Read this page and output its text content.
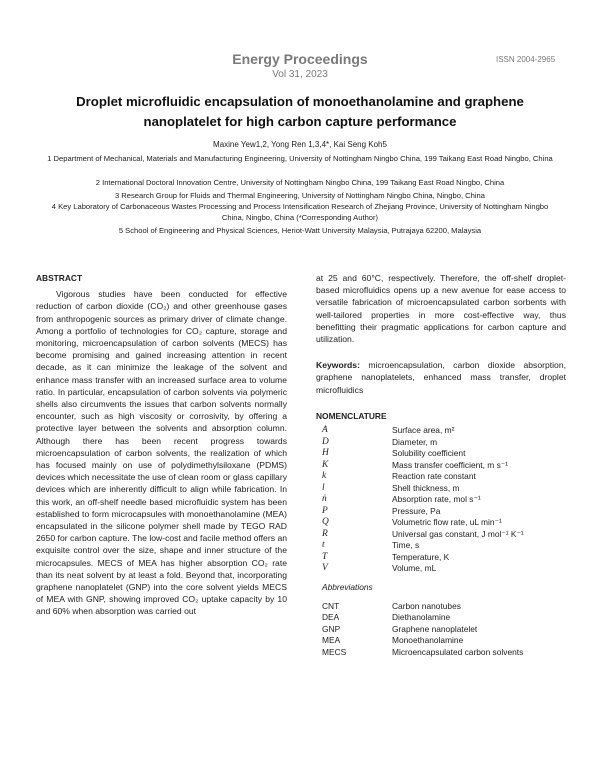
Energy Proceedings
Vol 31, 2023
ISSN 2004-2965
Droplet microfluidic encapsulation of monoethanolamine and graphene nanoplatelet for high carbon capture performance
Maxine Yew1,2, Yong Ren 1,3,4*, Kai Seng Koh5
1 Department of Mechanical, Materials and Manufacturing Engineering, University of Nottingham Ningbo China, 199 Taikang East Road Ningbo, China
2 International Doctoral Innovation Centre, University of Nottingham Ningbo China, 199 Taikang East Road Ningbo, China
3 Research Group for Fluids and Thermal Engineering, University of Nottingham Ningbo China, Ningbo, China
4 Key Laboratory of Carbonaceous Wastes Processing and Process Intensification Research of Zhejiang Province, University of Nottingham Ningbo China, Ningbo, China (*Corresponding Author)
5 School of Engineering and Physical Sciences, Heriot-Watt University Malaysia, Putrajaya 62200, Malaysia

ABSTRACT

Vigorous studies have been conducted for effective reduction of carbon dioxide (CO₂) and other greenhouse gases from anthropogenic sources as primary driver of climate change. Among a portfolio of technologies for CO₂ capture, storage and monitoring, microencapsulation of carbon solvents (MECS) has become promising and gained increasing attention in recent decade, as it can minimize the leakage of the solvent and enhance mass transfer with an increased surface area to volume ratio. In particular, encapsulation of carbon solvents via polymeric shells also circumvents the issues that carbon solvents normally encounter, such as high viscosity or corrosivity, by offering a protective layer between the solvents and absorption column. Although there has been recent progress towards microencapsulation of carbon solvents, the realization of which has focused mainly on use of polydimethylsiloxane (PDMS) devices which necessitate the use of clean room or glass capillary devices which are inherently difficult to align while fabrication. In this work, an off-shelf needle based microfluidic system has been established to form microcapsules with monoethanolamine (MEA) encapsulated in the silicone polymer shell made by TEGO RAD 2650 for carbon capture. The low-cost and facile method offers an exquisite control over the size, shape and inner structure of the microcapsules. MECS of MEA has higher absorption CO₂ rate than its neat solvent by at least a fold. Beyond that, incorporating graphene nanoplatelet (GNP) into the core solvent yields MECS of MEA with GNP, showing improved CO₂ uptake capacity by 10 and 60% when absorption was carried out

at 25 and 60°C, respectively. Therefore, the off-shelf droplet-based microfluidics opens up a new avenue for ease access to versatile fabrication of microencapsulated carbon sorbents with well-tailored properties in more cost-effective way, thus benefitting their pragmatic applications for carbon capture and utilization.

Keywords: microencapsulation, carbon dioxide absorption, graphene nanoplatelets, enhanced mass transfer, droplet microfluidics

NOMENCLATURE

A	Surface area, m²
D	Diameter, m
H	Solubility coefficient
K	Mass transfer coefficient, m s⁻¹
k	Reaction rate constant
l	Shell thickness, m
ṅ	Absorption rate, mol s⁻¹
P	Pressure, Pa
Q	Volumetric flow rate, uL min⁻¹
R	Universal gas constant, J mol⁻¹ K⁻¹
t	Time, s
T	Temperature, K
V	Volume, mL
Abbreviations
CNT	Carbon nanotubes
DEA	Diethanolamine
GNP	Graphene nanoplatelet
MEA	Monoethanolamine
MECS	Microencapsulated carbon solvents
